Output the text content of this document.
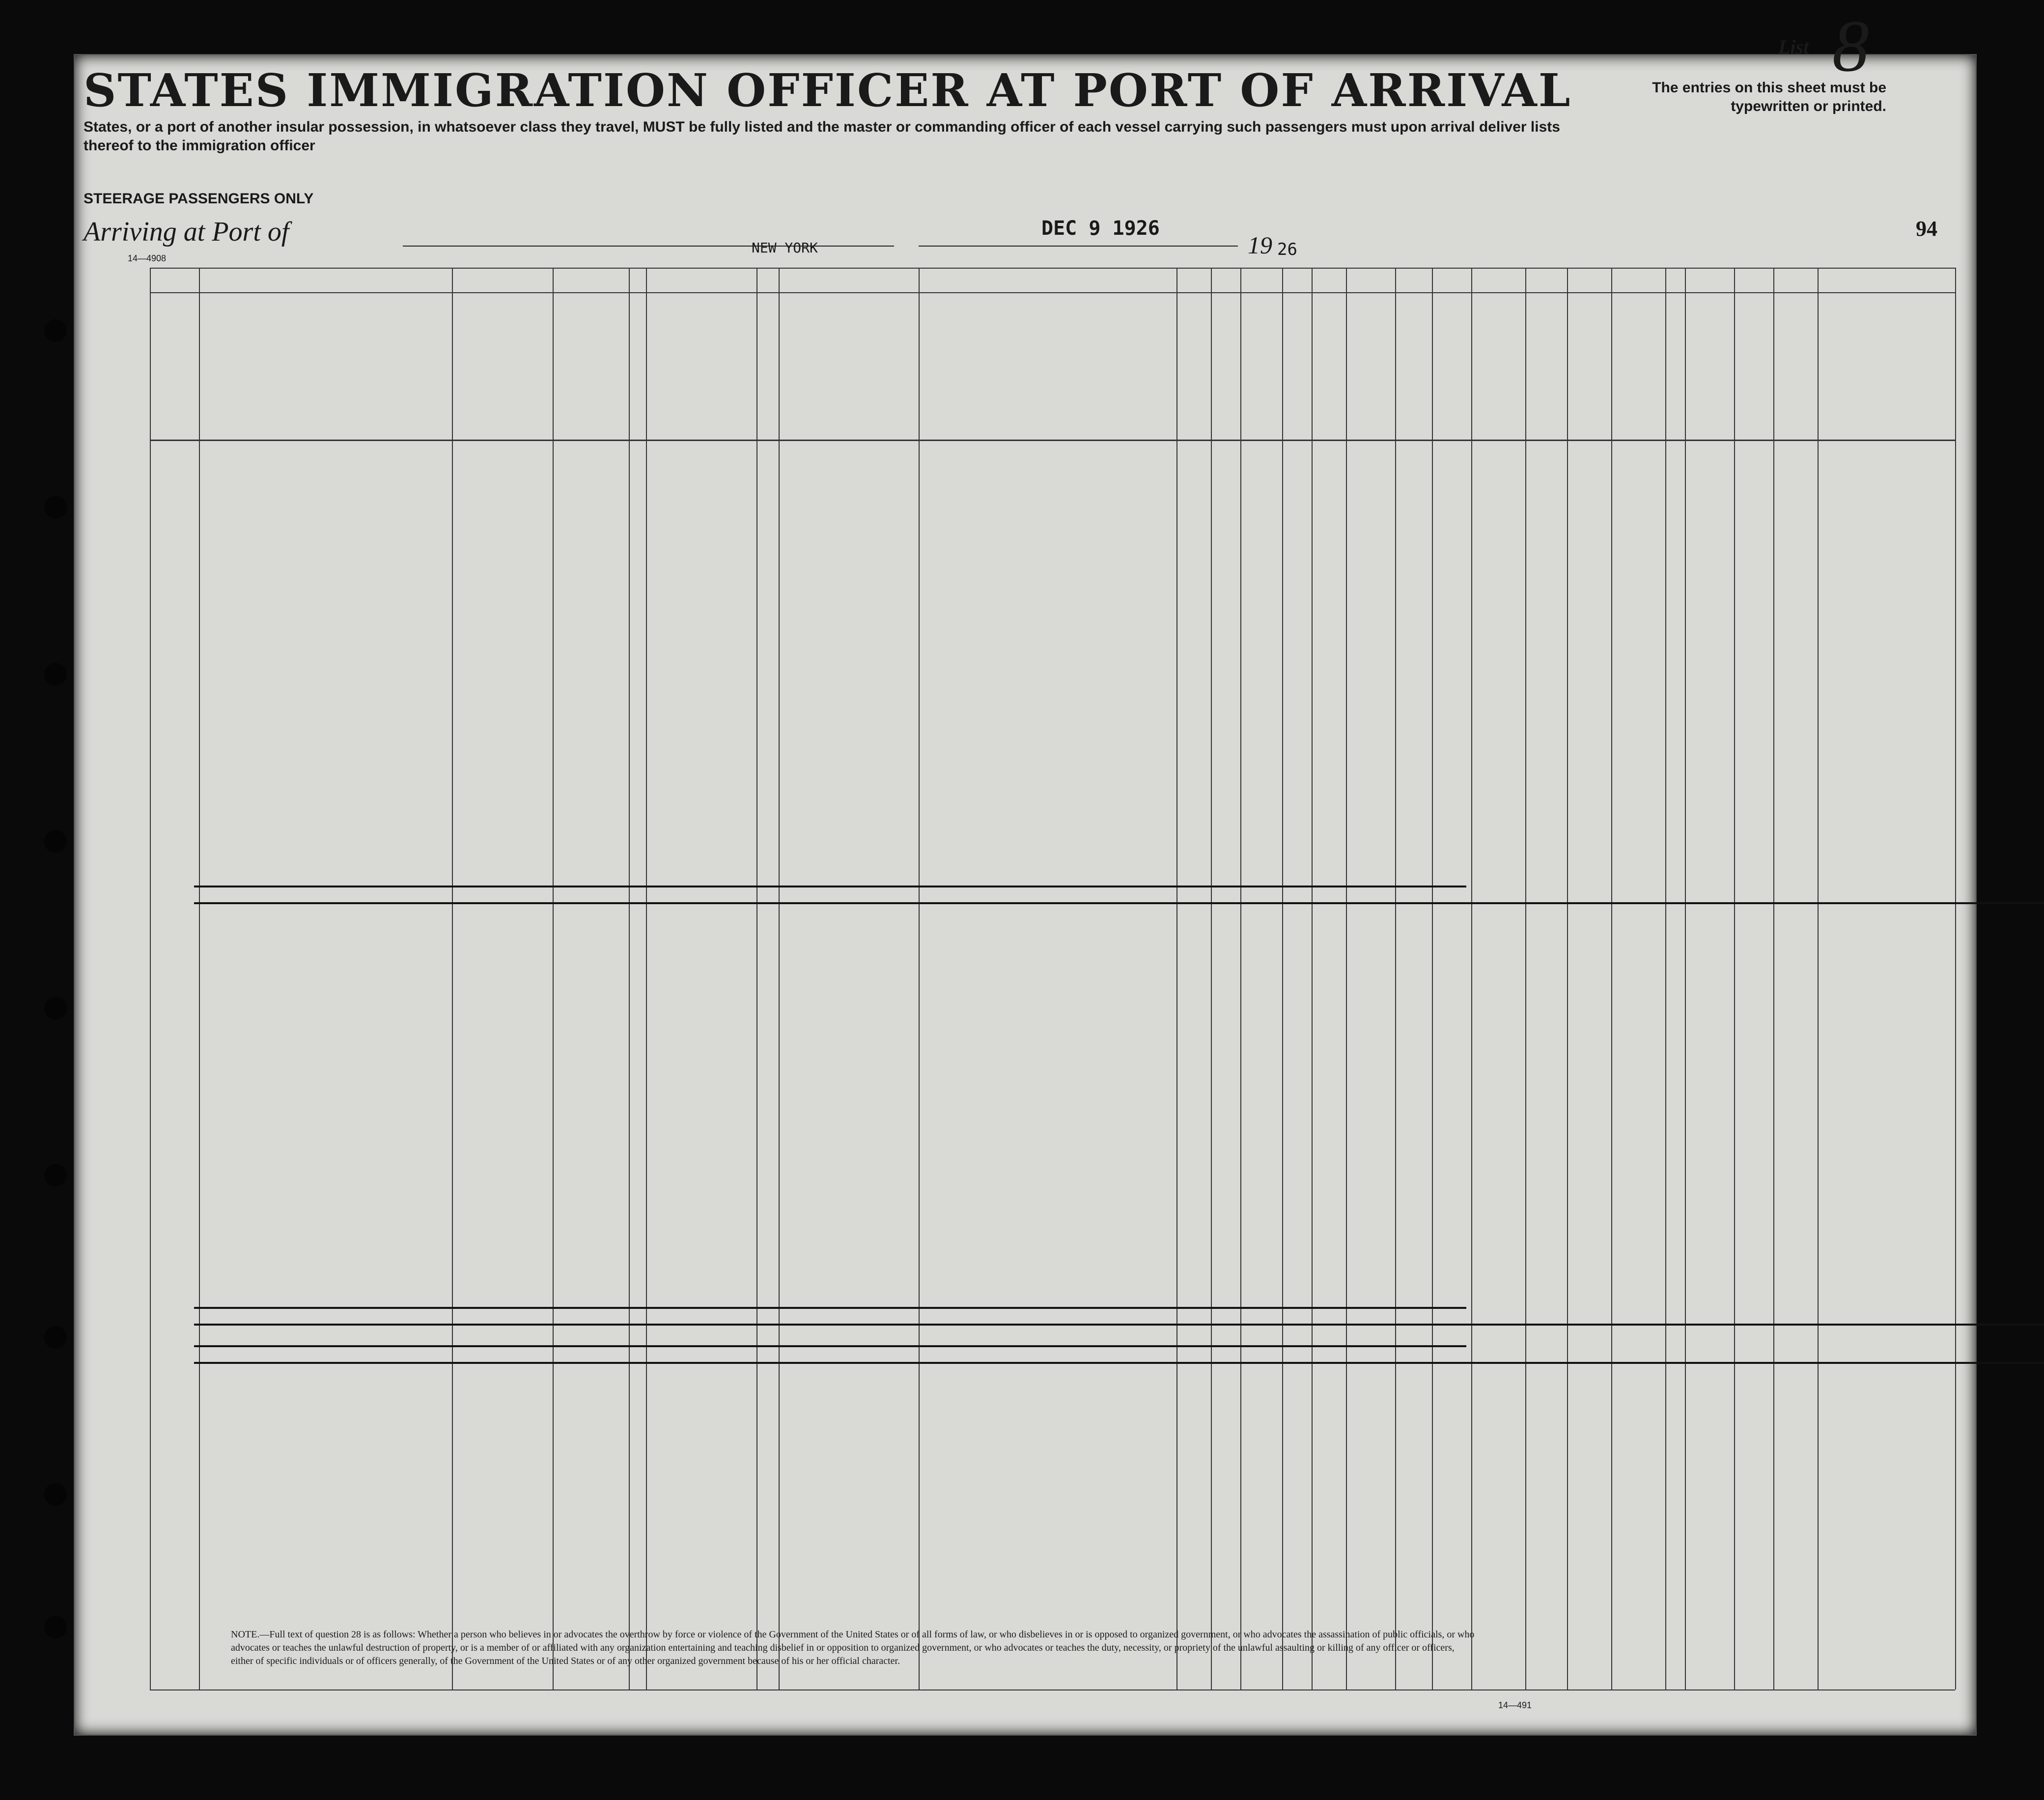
STATES IMMIGRATION OFFICER AT PORT OF ARRIVAL
States, or a port of another insular possession, in whatsoever class they travel, MUST be fully listed and the master or commanding officer of each vessel carrying such passengers must upon arrival deliver lists thereof to the immigration officer
STEERAGE PASSENGERS ONLY
List 8
The entries on this sheet must be typewritten or printed.
Arriving at Port of
NEW YORK
DEC 9 1926
19 26
94
14—4908
NOTE.—Full text of question 28 is as follows: Whether a person who believes in or advocates the overthrow by force or violence of the Government of the United States or of all forms of law, or who disbelieves in or is opposed to organized government, or who advocates the assassination of public officials, or who advocates or teaches the unlawful destruction of property, or is a member of or affiliated with any organization entertaining and teaching disbelief in or opposition to organized government, or who advocates or teaches the duty, necessity, or propriety of the unlawful assaulting or killing of any officer or officers, either of specific individuals or of officers generally, of the Government of the United States or of any other organized government because of his or her official character.
14—491
